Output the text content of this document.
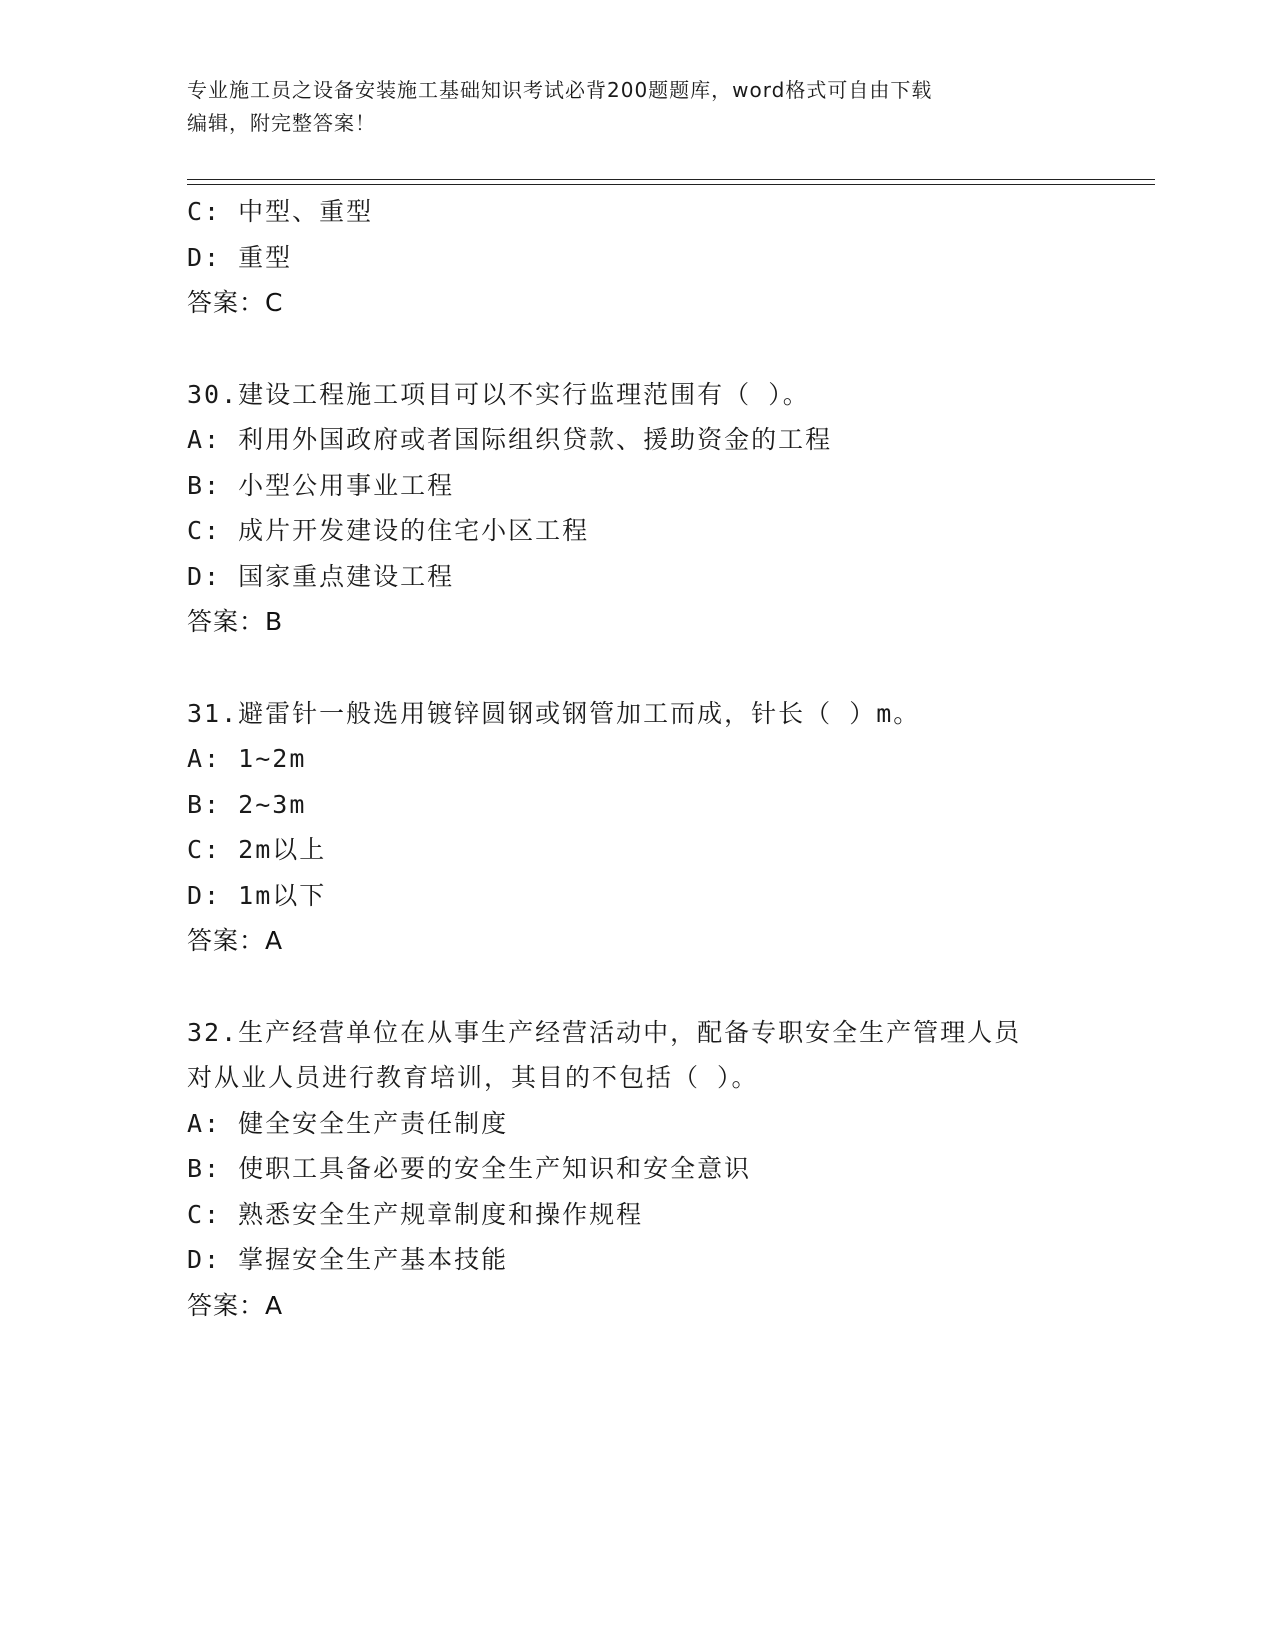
专业施工员之设备安装施工基础知识考试必背200题题库，word格式可自由下载
编辑，附完整答案！
C: 中型、重型
D: 重型
答案：C
30.建设工程施工项目可以不实行监理范围有（ ）。
A: 利用外国政府或者国际组织贷款、援助资金的工程
B: 小型公用事业工程
C: 成片开发建设的住宅小区工程
D: 国家重点建设工程
答案：B
31.避雷针一般选用镀锌圆钢或钢管加工而成，针长（ ）m。
A: 1~2m
B: 2~3m
C: 2m以上
D: 1m以下
答案：A
32.生产经营单位在从事生产经营活动中，配备专职安全生产管理人员
对从业人员进行教育培训，其目的不包括（ ）。
A: 健全安全生产责任制度
B: 使职工具备必要的安全生产知识和安全意识
C: 熟悉安全生产规章制度和操作规程
D: 掌握安全生产基本技能
答案：A
